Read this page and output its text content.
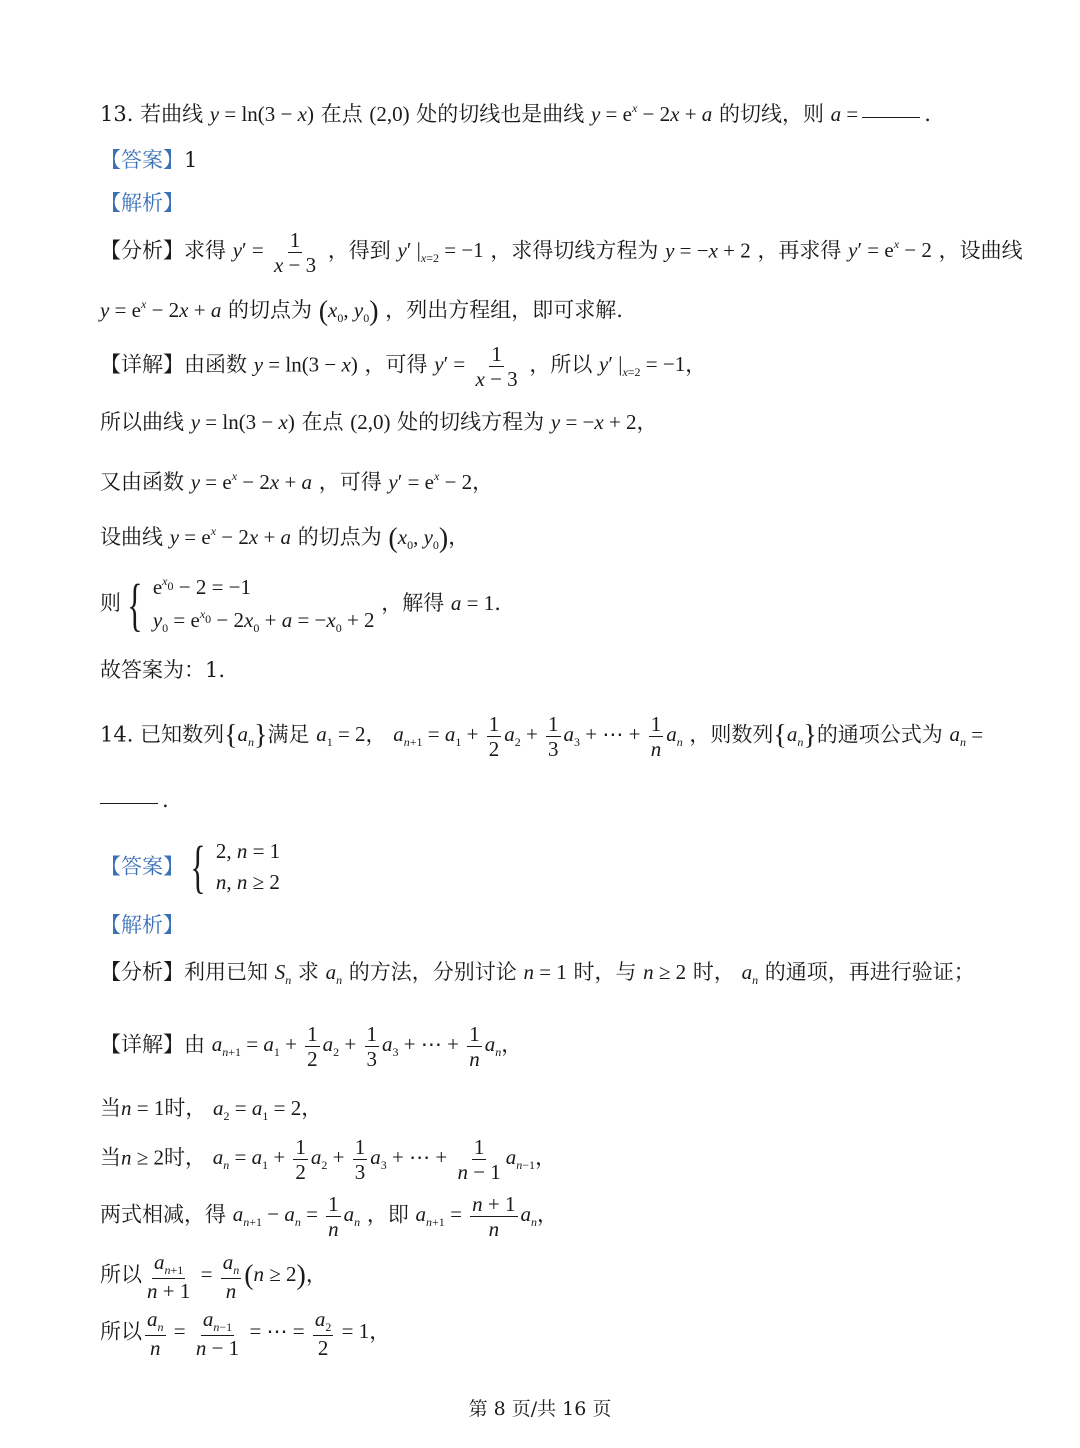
13. 若曲线 y = ln(3 − x) 在点 (2,0) 处的切线也是曲线 $y = e^x - 2x + a$ 的切线，则 a =	.
【答案】1
【解析】
【分析】求得 $y' = \frac{1}{x - 3}$ ，得到 y′ $|_{x=2} = -1$ ，求得切线方程为 y = −x + 2 ，再求得 $y' = e^x - 2$ ，设曲线
$y = e^x - 2x + a$ 的切点为 ($x_0$, $y_0$) ，列出方程组，即可求解.
【详解】由函数 y = ln(3 − x) ，可得 $y' = \frac{1}{x - 3}$ ，所以 y′ $|_{x=2} = -1$，
所以曲线 y = ln(3 − x) 在点 (2,0) 处的切线方程为 y = −x + 2，
又由函数 $y = e^x - 2x + a$ ，可得 $y' = e^x - 2$，
设曲线 $y = e^x - 2x + a$ 的切点为 ($x_0$, $y_0$)，
则 { $e^{x_0} - 2 = -1$
$y_0 = e^{x_0} - 2x_0 + a = -x_0 + 2$
，解得 a = 1.
故答案为：1.
14. 已知数列$\{a_n\}$满足 $a_1 = 2$， $a_{n+1} = a_1 + \frac{1}{2} a_2 + \frac{1}{3} a_3$ + ⋯ + $\frac{1}{n} a_n$ ，则数列$\{a_n\}$的通项公式为 $a_n$ =
.
【答案】 { 2, n = 1
n, n ≥ 2
【解析】
【分析】利用已知 $S_n$ 求 $a_n$ 的方法，分别讨论 n = 1 时，与 n ≥ 2 时， $a_n$ 的通项，再进行验证；
【详解】由 $a_{n+1} = a_1 + \frac{1}{2} a_2 + \frac{1}{3} a_3$ + ⋯ + $\frac{1}{n} a_n$，
当n = 1时， $a_2 = a_1 = 2$，
当n ≥ 2时， $a_n = a_1 + \frac{1}{2} a_2 + \frac{1}{3} a_3$ + ⋯ + $\frac{1}{n - 1} a_{n-1}$，
两式相减，得 $a_{n+1} - a_n = \frac{1}{n} a_n$ ，即 $a_{n+1} = \frac{n + 1}{n} a_n$，
所以 $\frac{a_{n+1}}{n + 1} = \frac{a_n}{n} (n \ge 2)$，
所以 $\frac{a_n}{n} = \frac{a_{n-1}}{n - 1}$ = ⋯ = $\frac{a_2}{2} = 1$，
第 8 页/共 16 页
